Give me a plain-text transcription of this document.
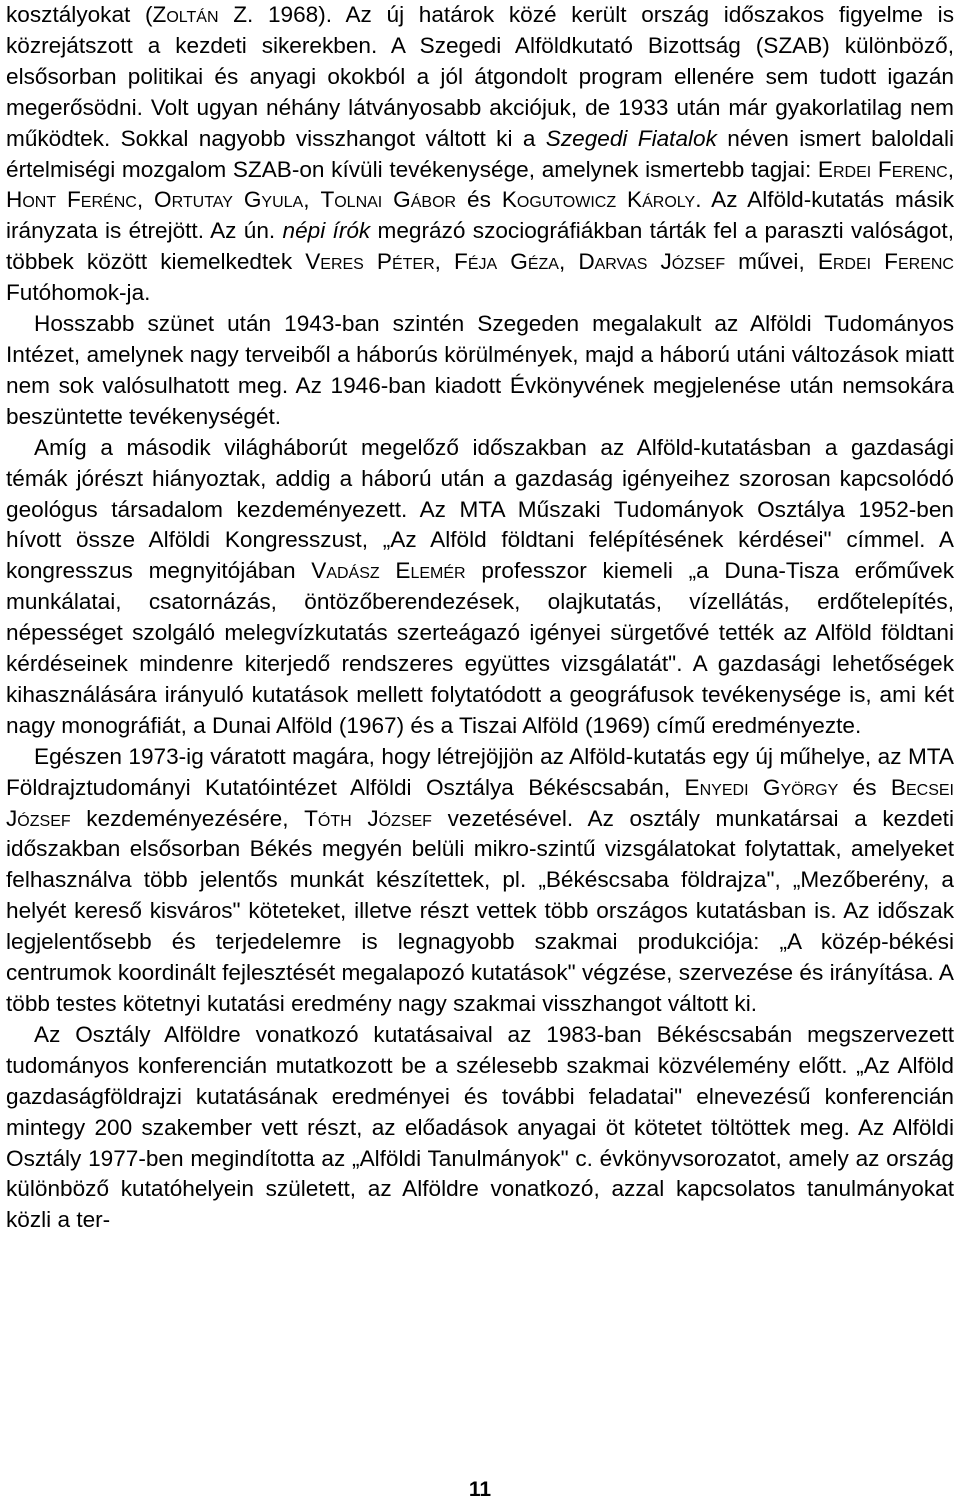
kosztályokat (Zoltán Z. 1968). Az új határok közé került ország időszakos figyelme is közrejátszott a kezdeti sikerekben. A Szegedi Alföldkutató Bizottság (SZAB) különböző, elsősorban politikai és anyagi okokból a jól átgondolt program ellenére sem tudott igazán megerősödni. Volt ugyan néhány látványosabb akciójuk, de 1933 után már gyakorlatilag nem működtek. Sokkal nagyobb visszhangot váltott ki a Szegedi Fiatalok néven ismert baloldali értelmiségi mozgalom SZAB-on kívüli tevékenysége, amelynek ismertebb tagjai: Erdei Ferenc, Hont Ferénc, Ortutay Gyula, Tolnai Gábor és Kogutowicz Károly. Az Alföld-kutatás másik irányzata is étrejött. Az ún. népi írók megrázó szociográfiákban tárták fel a paraszti valóságot, többek között kiemelkedtek Veres Péter, Féja Géza, Darvas József művei, Erdei Ferenc Futóhomok-ja.

Hosszabb szünet után 1943-ban szintén Szegeden megalakult az Alföldi Tudományos Intézet, amelynek nagy terveiből a háborús körülmények, majd a háború utáni változások miatt nem sok valósulhatott meg. Az 1946-ban kiadott Évkönyvének megjelenése után nemsokára beszüntette tevékenységét.

Amíg a második világháborút megelőző időszakban az Alföld-kutatásban a gazdasági témák jórészt hiányoztak, addig a háború után a gazdaság igényeihez szorosan kapcsolódó geológus társadalom kezdeményezett. Az MTA Műszaki Tudományok Osztálya 1952-ben hívott össze Alföldi Kongresszust, „Az Alföld földtani felépítésének kérdései" címmel. A kongresszus megnyitójában Vadász Elemér professzor kiemeli „a Duna-Tisza erőművek munkálatai, csatornázás, öntözőberendezések, olajkutatás, vízellátás, erdőtelepítés, népességet szolgáló melegvízkutatás szerteágazó igényei sürgetővé tették az Alföld földtani kérdéseinek mindenre kiterjedő rendszeres együttes vizsgálatát". A gazdasági lehetőségek kihasználására irányuló kutatások mellett folytatódott a geográfusok tevékenysége is, ami két nagy monográfiát, a Dunai Alföld (1967) és a Tiszai Alföld (1969) című eredményezte.

Egészen 1973-ig váratott magára, hogy létrejöjjön az Alföld-kutatás egy új műhelye, az MTA Földrajztudományi Kutatóintézet Alföldi Osztálya Békéscsabán, Enyedi György és Becsei József kezdeményezésére, Tóth József vezetésével. Az osztály munkatársai a kezdeti időszakban elsősorban Békés megyén belüli mikro-szintű vizsgálatokat folytattak, amelyeket felhasználva több jelentős munkát készítettek, pl. „Békéscsaba földrajza", „Mezőberény, a helyét kereső kisváros" köteteket, illetve részt vettek több országos kutatásban is. Az időszak legjelentősebb és terjedelemre is legnagyobb szakmai produkciója: „A közép-békési centrumok koordinált fejlesztését megalapozó kutatások" végzése, szervezése és irányítása. A több testes kötetnyi kutatási eredmény nagy szakmai visszhangot váltott ki.

Az Osztály Alföldre vonatkozó kutatásaival az 1983-ban Békéscsabán megszervezett tudományos konferencián mutatkozott be a szélesebb szakmai közvélemény előtt. „Az Alföld gazdaságföldrajzi kutatásának eredményei és további feladatai" elnevezésű konferencián mintegy 200 szakember vett részt, az előadások anyagai öt kötetet töltöttek meg. Az Alföldi Osztály 1977-ben megindította az „Alföldi Tanulmányok" c. évkönyvsorozatot, amely az ország különböző kutatóhelyein született, az Alföldre vonatkozó, azzal kapcsolatos tanulmányokat közli a ter-

11
